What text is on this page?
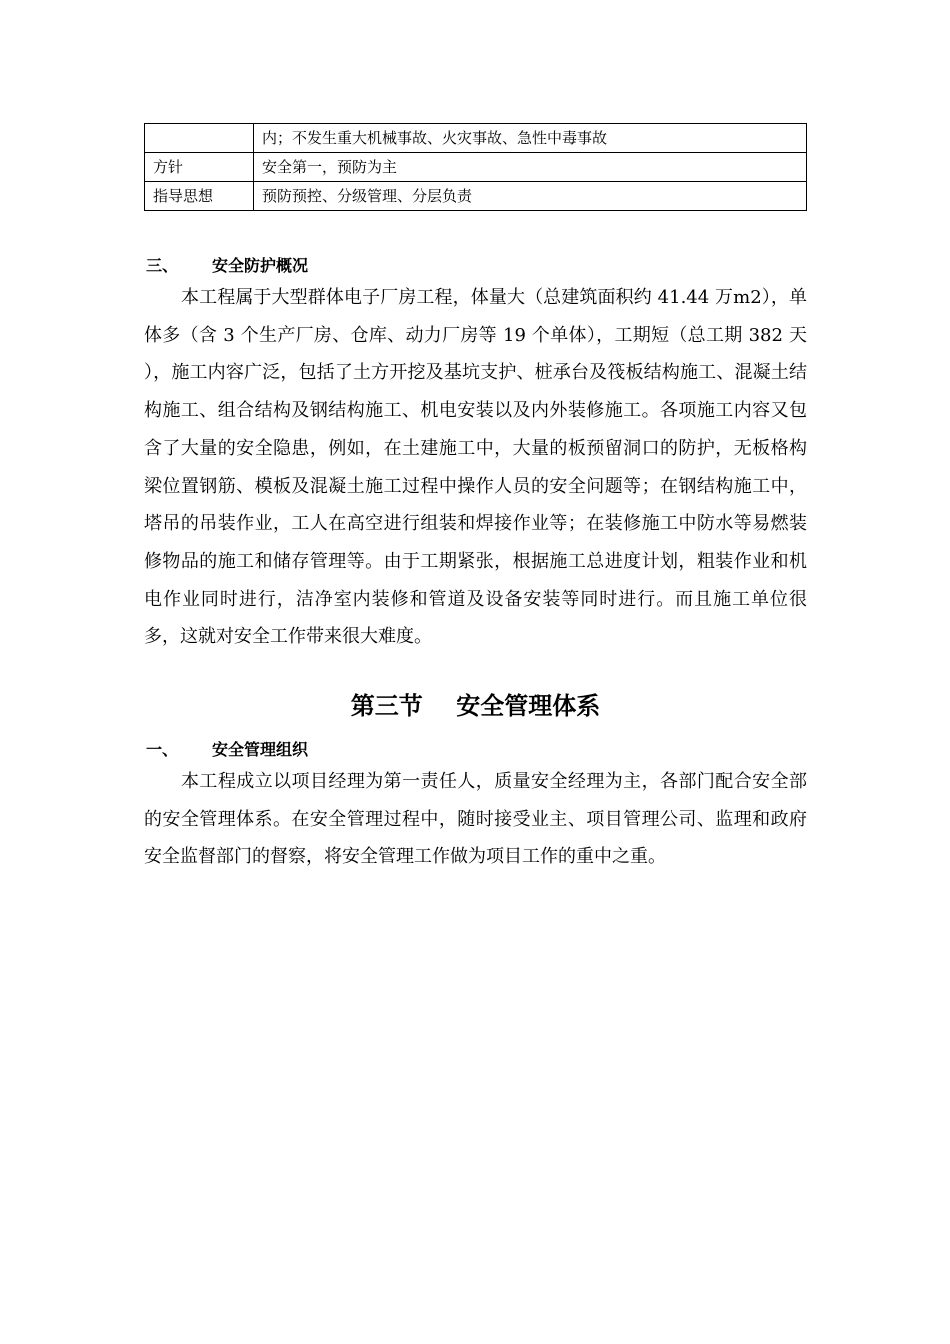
	内；不发生重大机械事故、火灾事故、急性中毒事故
方针	安全第一，预防为主
指导思想	预防预控、分级管理、分层负责
三、 安全防护概况

本工程属于大型群体电子厂房工程，体量大（总建筑面积约 41.44 万m2），单体多（含 3 个生产厂房、仓库、动力厂房等 19 个单体），工期短（总工期 382 天 ），施工内容广泛，包括了土方开挖及基坑支护、桩承台及筏板结构施工、混凝土结构施工、组合结构及钢结构施工、机电安装以及内外装修施工。各项施工内容又包含了大量的安全隐患，例如，在土建施工中，大量的板预留洞口的防护，无板格构梁位置钢筋、模板及混凝土施工过程中操作人员的安全问题等；在钢结构施工中，塔吊的吊装作业，工人在高空进行组装和焊接作业等；在装修施工中防水等易燃装修物品的施工和储存管理等。由于工期紧张，根据施工总进度计划，粗装作业和机电作业同时进行，洁净室内装修和管道及设备安装等同时进行。而且施工单位很多，这就对安全工作带来很大难度。

第三节    安全管理体系
一、 安全管理组织

本工程成立以项目经理为第一责任人，质量安全经理为主，各部门配合安全部的安全管理体系。在安全管理过程中，随时接受业主、项目管理公司、监理和政府安全监督部门的督察，将安全管理工作做为项目工作的重中之重。
